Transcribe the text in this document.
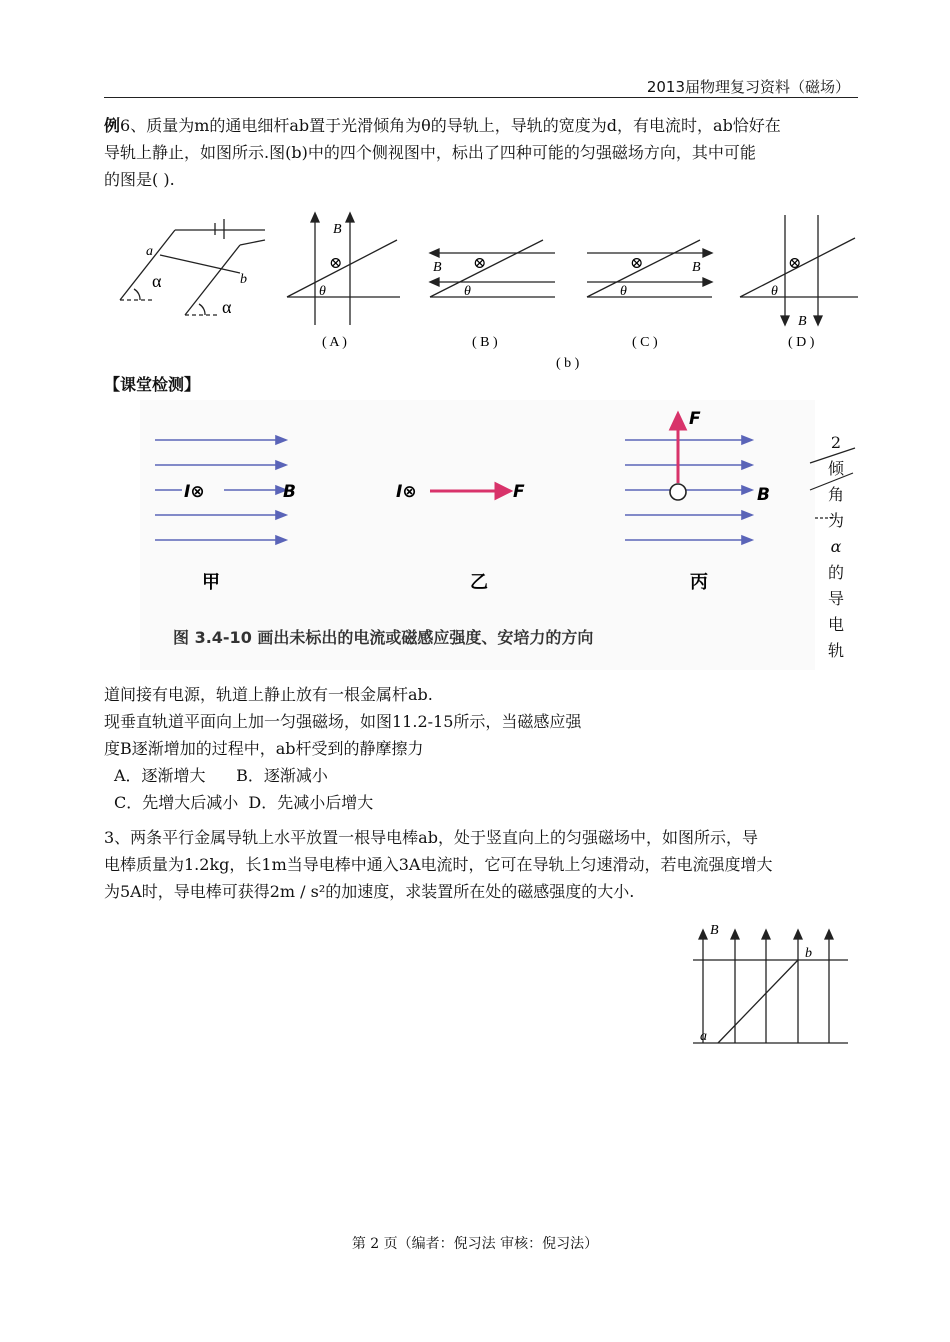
2013届物理复习资料（磁场）
例6、质量为m的通电细杆ab置于光滑倾角为θ的导轨上，导轨的宽度为d，有电流时，ab恰好在
导轨上静止，如图所示.图(b)中的四个侧视图中，标出了四种可能的匀强磁场方向，其中可能
的图是( ).
a
b
α
α
B
⊗
θ
( A )
B ⊗
θ
( B )
B
⊗
θ
( C )
B
⊗
θ
( D )
( b )
【课堂检测】
I⊗	B
甲
I⊗	F
乙
F
B
丙
图 3.4-10 画出未标出的电流或磁感应强度、安培力的方向
2
倾
角
为
α
的
导
电
轨
道间接有电源，轨道上静止放有一根金属杆ab.
现垂直轨道平面向上加一匀强磁场，如图11.2-15所示，当磁感应强
度B逐渐增加的过程中，ab杆受到的静摩擦力
A．逐渐增大      B．逐渐减小
C．先增大后减小  D．先减小后增大
3、两条平行金属导轨上水平放置一根导电棒ab，处于竖直向上的匀强磁场中，如图所示，导
电棒质量为1.2kg，长1m当导电棒中通入3A电流时，它可在导轨上匀速滑动，若电流强度增大
为5A时，导电棒可获得2m / s²的加速度，求装置所在处的磁感强度的大小.
B
a
b
第 2 页（编者：倪习法 审核：倪习法）
